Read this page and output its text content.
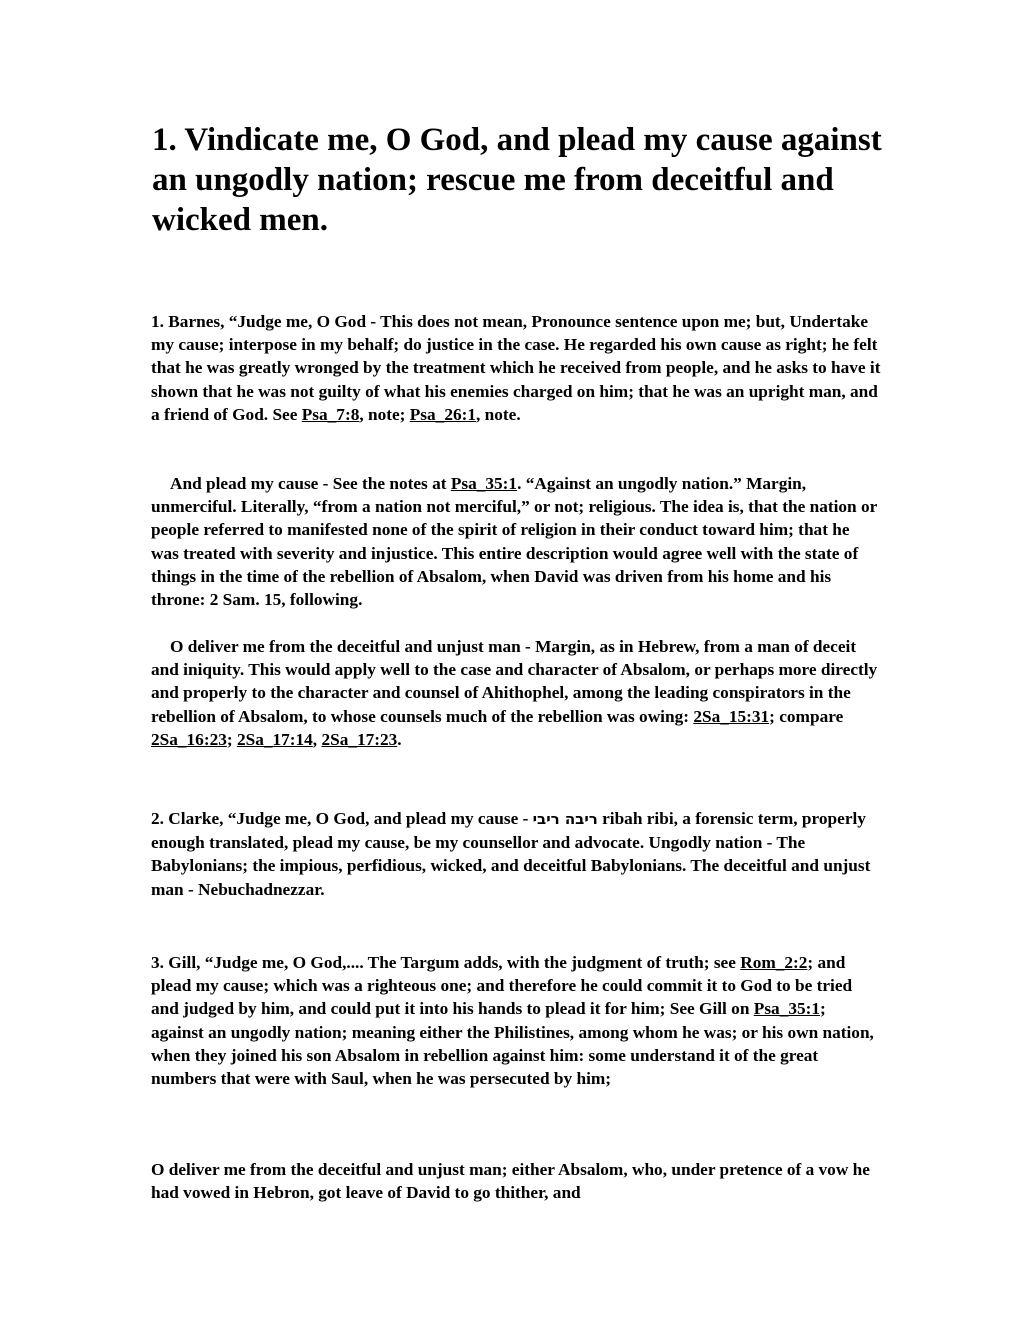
1. Vindicate me, O God, and plead my cause against an ungodly nation; rescue me from deceitful and wicked men.

1. Barnes, “Judge me, O God - This does not mean, Pronounce sentence upon me; but, Undertake my cause; interpose in my behalf; do justice in the case. He regarded his own cause as right; he felt that he was greatly wronged by the treatment which he received from people, and he asks to have it shown that he was not guilty of what his enemies charged on him; that he was an upright man, and a friend of God. See Psa_7:8, note; Psa_26:1, note.

And plead my cause - See the notes at Psa_35:1. “Against an ungodly nation.” Margin, unmerciful. Literally, “from a nation not merciful,” or not; religious. The idea is, that the nation or people referred to manifested none of the spirit of religion in their conduct toward him; that he was treated with severity and injustice. This entire description would agree well with the state of things in the time of the rebellion of Absalom, when David was driven from his home and his throne: 2 Sam. 15, following.

O deliver me from the deceitful and unjust man - Margin, as in Hebrew, from a man of deceit and iniquity. This would apply well to the case and character of Absalom, or perhaps more directly and properly to the character and counsel of Ahithophel, among the leading conspirators in the rebellion of Absalom, to whose counsels much of the rebellion was owing: 2Sa_15:31; compare 2Sa_16:23; 2Sa_17:14, 2Sa_17:23.

2. Clarke, “Judge me, O God, and plead my cause - ריבה ריבי ribah ribi, a forensic term, properly enough translated, plead my cause, be my counsellor and advocate. Ungodly nation - The Babylonians; the impious, perfidious, wicked, and deceitful Babylonians. The deceitful and unjust man - Nebuchadnezzar.

3. Gill, “Judge me, O God,.... The Targum adds, with the judgment of truth; see Rom_2:2; and plead my cause; which was a righteous one; and therefore he could commit it to God to be tried and judged by him, and could put it into his hands to plead it for him; See Gill on Psa_35:1; against an ungodly nation; meaning either the Philistines, among whom he was; or his own nation, when they joined his son Absalom in rebellion against him: some understand it of the great numbers that were with Saul, when he was persecuted by him;

O deliver me from the deceitful and unjust man; either Absalom, who, under pretence of a vow he had vowed in Hebron, got leave of David to go thither, and
